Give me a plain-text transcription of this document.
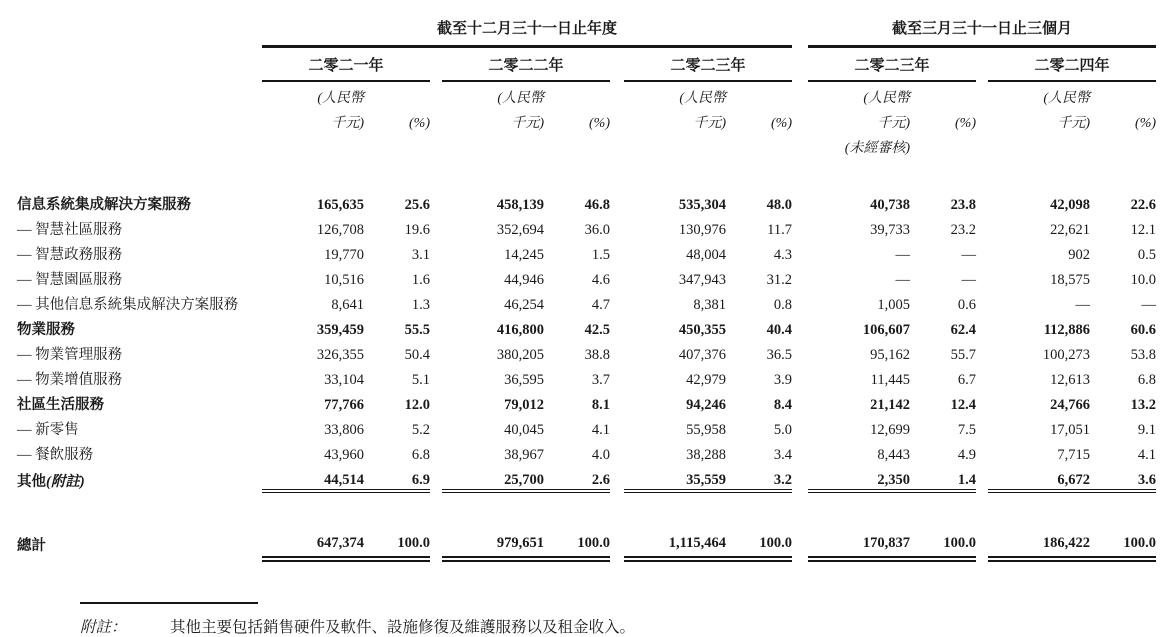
	截至十二月三十一日止年度									截至三月三十一日止三個月				
	二零二一年			二零二二年			二零二三年			二零二三年			二零二四年	
	(人民幣			(人民幣			(人民幣			(人民幣			(人民幣	
	千元)	(%)		千元)	(%)		千元)	(%)		千元)	(%)		千元)	(%)
										(未經審核)				

信息系統集成解決方案服務	165,635	25.6		458,139	46.8		535,304	48.0		40,738	23.8		42,098	22.6
— 智慧社區服務	126,708	19.6		352,694	36.0		130,976	11.7		39,733	23.2		22,621	12.1
— 智慧政務服務	19,770	3.1		14,245	1.5		48,004	4.3		—	—		902	0.5
— 智慧園區服務	10,516	1.6		44,946	4.6		347,943	31.2		—	—		18,575	10.0
— 其他信息系統集成解決方案服務	8,641	1.3		46,254	4.7		8,381	0.8		1,005	0.6		—	—
物業服務	359,459	55.5		416,800	42.5		450,355	40.4		106,607	62.4		112,886	60.6
— 物業管理服務	326,355	50.4		380,205	38.8		407,376	36.5		95,162	55.7		100,273	53.8
— 物業增值服務	33,104	5.1		36,595	3.7		42,979	3.9		11,445	6.7		12,613	6.8
社區生活服務	77,766	12.0		79,012	8.1		94,246	8.4		21,142	12.4		24,766	13.2
— 新零售	33,806	5.2		40,045	4.1		55,958	5.0		12,699	7.5		17,051	9.1
— 餐飲服務	43,960	6.8		38,967	4.0		38,288	3.4		8,443	4.9		7,715	4.1
其他(附註)	44,514	6.9		25,700	2.6		35,559	3.2		2,350	1.4		6,672	3.6

總計	647,374	100.0		979,651	100.0		1,115,464	100.0		170,837	100.0		186,422	100.0
附註：	其他主要包括銷售硬件及軟件、設施修復及維護服務以及租金收入。
